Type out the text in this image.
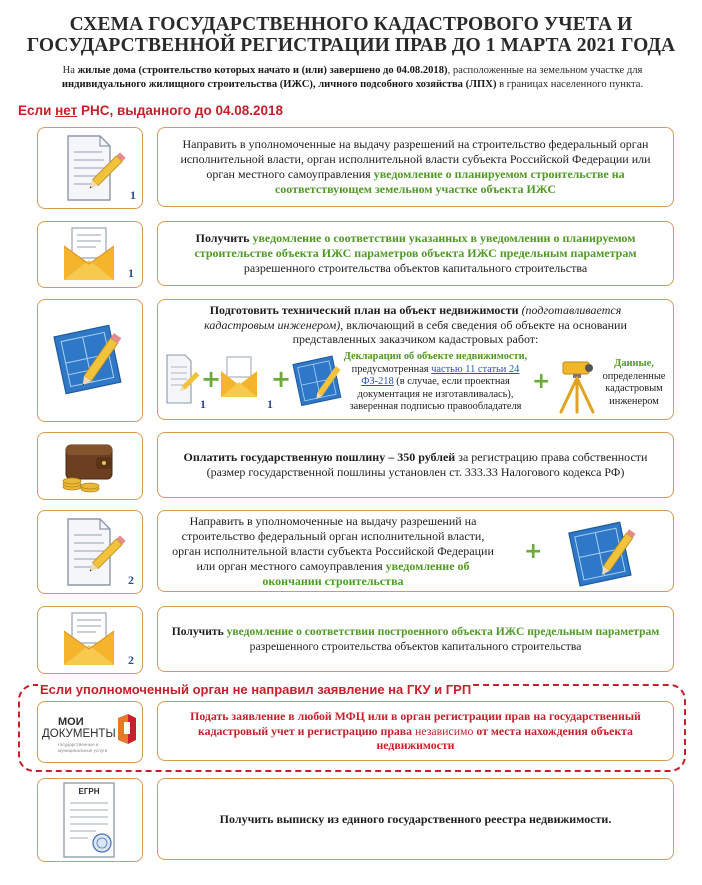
СХЕМА ГОСУДАРСТВЕННОГО КАДАСТРОВОГО УЧЕТА И
ГОСУДАРСТВЕННОЙ РЕГИСТРАЦИИ ПРАВ ДО 1 МАРТА 2021 ГОДА
На жилые дома (строительство которых начато и (или) завершено до 04.08.2018), расположенные на земельном участке для индивидуального жилищного строительства (ИЖС), личного подсобного хозяйства (ЛПХ) в границах населенного пункта.
Если нет РНС, выданного до 04.08.2018
1
Направить в уполномоченные на выдачу разрешений на строительство федеральный орган исполнительной власти, орган исполнительной власти субъекта Российской Федерации или орган местного самоуправления уведомление о планируемом строительстве на соответствующем земельном участке объекта ИЖС
1
Получить уведомление о соответствии указанных в уведомлении о планируемом строительстве объекта ИЖС параметров объекта ИЖС предельным параметрам разрешенного строительства объектов капитального строительства
Подготовить технический план на объект недвижимости (подготавливается кадастровым инженером), включающий в себя сведения об объекте на основании представленных заказчиком кадастровых работ:
+ +
1	1
Декларация об объекте недвижимости, предусмотренная частью 11 статьи 24 ФЗ-218 (в случае, если проектная документация не изготавливалась), заверенная подписью правообладателя
+
Данные, определенные кадастровым инженером
Оплатить государственную пошлину – 350 рублей за регистрацию права собственности (размер государственной пошлины установлен ст. 333.33 Налогового кодекса РФ)
2
Направить в уполномоченные на выдачу разрешений на строительство федеральный орган исполнительной власти, орган исполнительной власти субъекта Российской Федерации или орган местного самоуправления уведомление об окончании строительства
+
2
Получить уведомление о соответствии построенного объекта ИЖС предельным параметрам разрешенного строительства объектов капитального строительства
Если уполномоченный орган не направил заявление на ГКУ и ГРП
МОИ
ДОКУМЕНТЫ
государственные и муниципальные услуги
Подать заявление в любой МФЦ или в орган регистрации прав на государственный кадастровый учет и регистрацию права независимо от места нахождения объекта недвижимости
ЕГРН
Получить выписку из единого государственного реестра недвижимости.
